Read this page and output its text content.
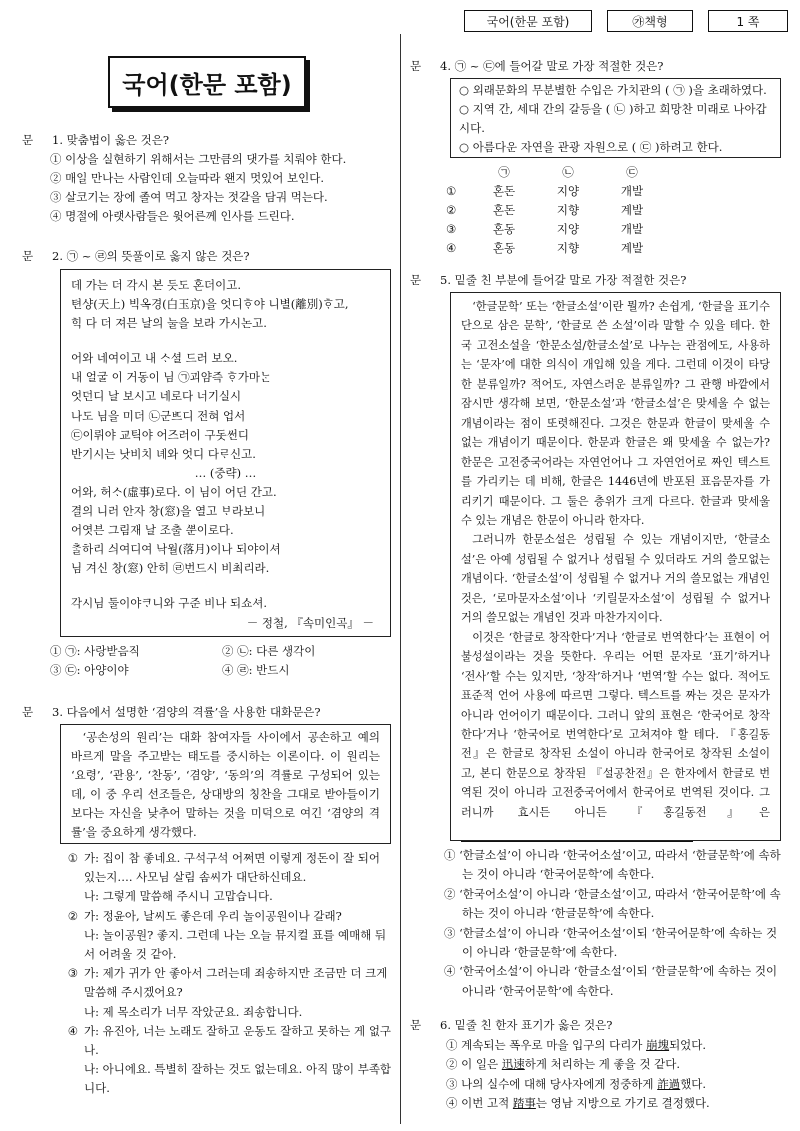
국어(한문 포함)	㉮책형	1 쪽
국어(한문 포함)
문 1. 맞춤법이 옳은 것은?
① 이상을 실현하기 위해서는 그만큼의 댓가를 치뤄야 한다.
② 매일 만나는 사람인데 오늘따라 왠지 멋있어 보인다.
③ 살코기는 장에 졸여 먹고 창자는 젓갈을 담궈 먹는다.
④ 명절에 아랫사람들은 윗어른께 인사를 드린다.
문 2. ㉠ ~ ㉣의 뜻풀이로 옳지 않은 것은?
데 가는 더 각시 본 듯도 혼더이고.
텬샹(天上) 빅옥경(白玉京)을 엇디ᄒᆞ야 니별(離別)ᄒᆞ고,
힉 다 더 져믄 날의 눌을 보라 가시논고.
어와 네여이고 내 ᄉᆞ셜 드러 보오.
내 얼굴 이 거동이 님 ㉠괴얌즉 ᄒᆞ가마ᄂᆞᆫ
엇던디 날 보시고 네로다 너기실시
나도 님을 미더 ㉡군ᄠᅳ디 전혀 업서
㉢이뤼야 교틱야 어즈러이 구돗썬디
반기시는 낫비치 녜와 엇디 다ᄅᆞ신고.
… (중략) …
어와, 허ᄉᆞ(虛事)로다. 이 님이 어딘 간고.
결의 니러 안자 창(窓)을 열고 ᄇᆞ라보니
어엿븐 그림재 날 조출 ᄲᅮᆫ이로다.
ᄎᆞᆯ하리 싀여디여 낙월(落月)이나 되야이셔
님 겨신 창(窓) 안히 ㉣번드시 비최리라.
각시님 둘이야ᄏᆞ니와 구준 비나 되쇼셔.
－ 정철, 『속미인곡』 －
① ㉠: 사랑받음직	② ㉡: 다른 생각이
③ ㉢: 아양이야	④ ㉣: 반드시
문 3. 다음에서 설명한 ‘겸양의 격률’을 사용한 대화문은?

‘공손성의 원리’는 대화 참여자들 사이에서 공손하고 예의 바르게 말을 주고받는 태도를 중시하는 이론이다. 이 원리는 ‘요령’, ‘관용’, ‘찬동’, ‘겸양’, ‘동의’의 격률로 구성되어 있는데, 이 중 우리 선조들은, 상대방의 칭찬을 그대로 받아들이기보다는 자신을 낮추어 말하는 것을 미덕으로 여긴 ‘겸양의 격률’을 중요하게 생각했다.

① 가: 집이 참 좋네요. 구석구석 어쩌면 이렇게 정돈이 잘 되어 있는지…. 사모님 살림 솜씨가 대단하신데요.
나: 그렇게 말씀해 주시니 고맙습니다.
② 가: 정윤아, 날씨도 좋은데 우리 놀이공원이나 갈래?
나: 놀이공원? 좋지. 그런데 나는 오늘 뮤지컬 표를 예매해 둬서 어려울 것 같아.
③ 가: 제가 귀가 안 좋아서 그러는데 죄송하지만 조금만 더 크게 말씀해 주시겠어요?
나: 제 목소리가 너무 작았군요. 죄송합니다.
④ 가: 유진아, 너는 노래도 잘하고 운동도 잘하고 못하는 게 없구나.
나: 아니에요. 특별히 잘하는 것도 없는데요. 아직 많이 부족합니다.
문 4. ㉠ ~ ㉢에 들어갈 말로 가장 적절한 것은?
○ 외래문화의 무분별한 수입은 가치관의 ( ㉠ )을 초래하였다.
○ 지역 간, 세대 간의 갈등을 ( ㉡ )하고 희망찬 미래로 나아갑시다.
○ 아름다운 자연을 관광 자원으로 ( ㉢ )하려고 한다.
	㉠	㉡	㉢
①	혼돈	지양	개발
②	혼돈	지향	계발
③	혼동	지양	개발
④	혼동	지향	계발
문 5. 밑줄 친 부분에 들어갈 말로 가장 적절한 것은?

‘한글문학’ 또는 ‘한글소설’이란 뭘까? 손쉽게, ‘한글을 표기수단으로 삼은 문학’, ‘한글로 쓴 소설’이라 말할 수 있을 테다. 한국 고전소설을 ‘한문소설/한글소설’로 나누는 관점에도, 사용하는 ‘문자’에 대한 의식이 개입해 있을 게다. 그런데 이것이 타당한 분류일까? 적어도, 자연스러운 분류일까? 그 관행 바깥에서 잠시만 생각해 보면, ‘한문소설’과 ‘한글소설’은 맞세울 수 없는 개념이라는 점이 또렷해진다. 그것은 한문과 한글이 맞세울 수 없는 개념이기 때문이다. 한문과 한글은 왜 맞세울 수 없는가? 한문은 고전중국어라는 자연언어나 그 자연언어로 짜인 텍스트를 가리키는 데 비해, 한글은 1446년에 반포된 표음문자를 가리키기 때문이다. 그 둘은 층위가 크게 다르다. 한글과 맞세울 수 있는 개념은 한문이 아니라 한자다.

그러니까 한문소설은 성립될 수 있는 개념이지만, ‘한글소설’은 아예 성립될 수 없거나 성립될 수 있더라도 거의 쓸모없는 개념이다. ‘한글소설’이 성립될 수 없거나 거의 쓸모없는 개념인 것은, ‘로마문자소설’이나 ‘키릴문자소설’이 성립될 수 없거나 거의 쓸모없는 개념인 것과 마찬가지이다.

이것은 ‘한글로 창작한다’거나 ‘한글로 번역한다’는 표현이 어불성설이라는 것을 뜻한다. 우리는 어떤 문자로 ‘표기’하거나 ‘전사’할 수는 있지만, ‘창작’하거나 ‘번역’할 수는 없다. 적어도 표준적 언어 사용에 따르면 그렇다. 텍스트를 짜는 것은 문자가 아니라 언어이기 때문이다. 그러니 앞의 표현은 ‘한국어로 창작한다’거나 ‘한국어로 번역한다’로 고쳐져야 할 테다. 『홍길동전』은 한글로 창작된 소설이 아니라 한국어로 창작된 소설이고, 본디 한문으로 창작된 『설공찬전』은 한자에서 한글로 번역된 것이 아니라 고전중국어에서 한국어로 번역된 것이다. 그러니까 효시든 아니든 『홍길동전』은

① ‘한글소설’이 아니라 ‘한국어소설’이고, 따라서 ‘한글문학’에 속하는 것이 아니라 ‘한국어문학’에 속한다.
② ‘한국어소설’이 아니라 ‘한글소설’이고, 따라서 ‘한국어문학’에 속하는 것이 아니라 ‘한글문학’에 속한다.
③ ‘한글소설’이 아니라 ‘한국어소설’이되 ‘한국어문학’에 속하는 것이 아니라 ‘한글문학’에 속한다.
④ ‘한국어소설’이 아니라 ‘한글소설’이되 ‘한글문학’에 속하는 것이 아니라 ‘한국어문학’에 속한다.
문 6. 밑줄 친 한자 표기가 옳은 것은?
① 계속되는 폭우로 마을 입구의 다리가 崩塊되었다.
② 이 일은 迅速하게 처리하는 게 좋을 것 같다.
③ 나의 실수에 대해 당사자에게 정중하게 詐過했다.
④ 이번 고적 踏事는 영남 지방으로 가기로 결정했다.
